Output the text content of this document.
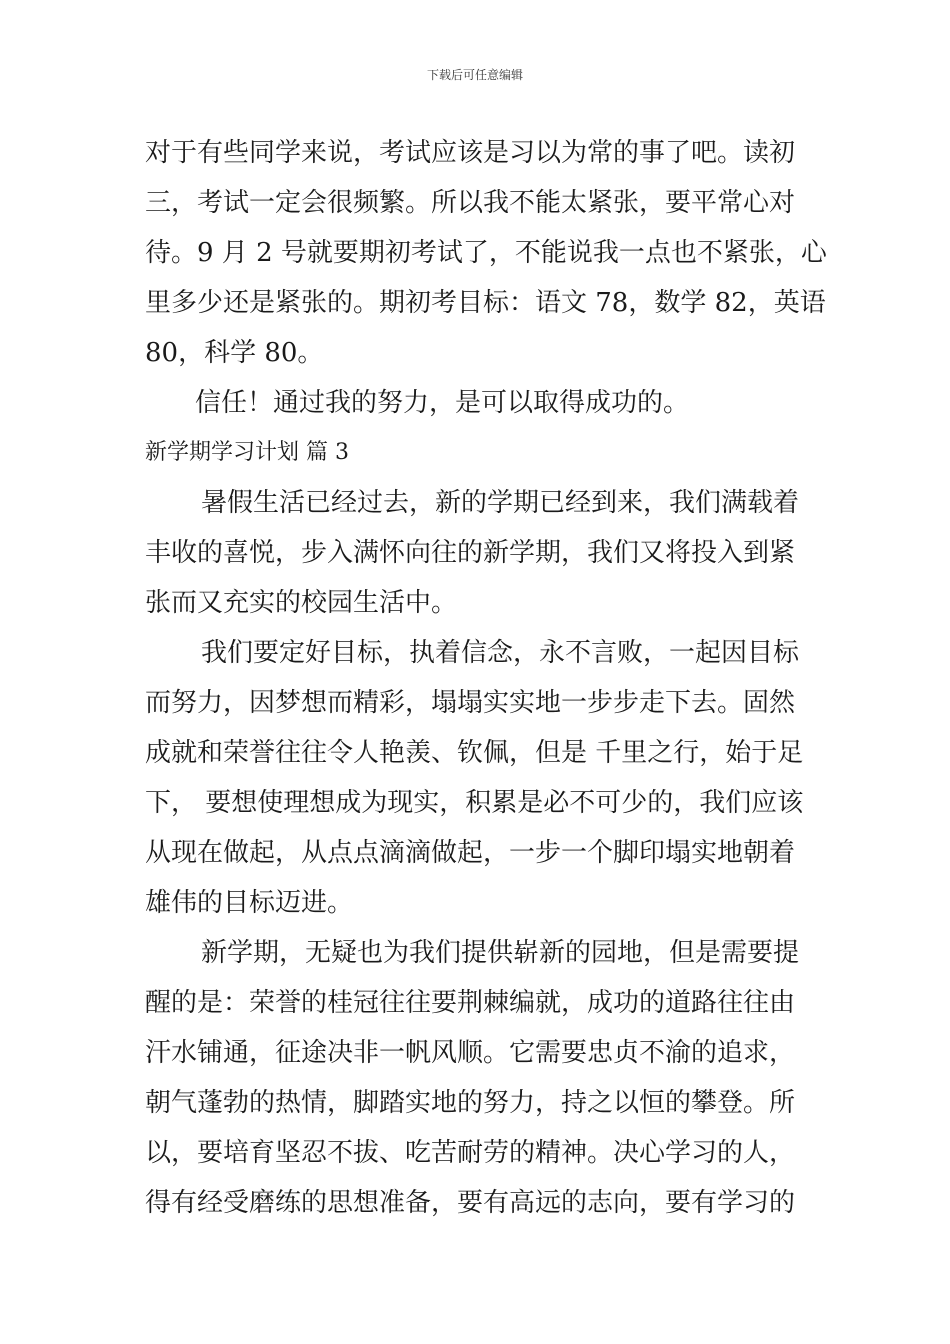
下载后可任意编辑
对于有些同学来说，考试应该是习以为常的事了吧。读初
三，考试一定会很频繁。所以我不能太紧张，要平常心对
待。9 月 2 号就要期初考试了，不能说我一点也不紧张，心
里多少还是紧张的。期初考目标：语文 78，数学 82，英语
80，科学 80。
信任！通过我的努力，是可以取得成功的。
新学期学习计划 篇 3
暑假生活已经过去，新的学期已经到来，我们满载着
丰收的喜悦，步入满怀向往的新学期，我们又将投入到紧
张而又充实的校园生活中。
我们要定好目标，执着信念，永不言败，一起因目标
而努力，因梦想而精彩，塌塌实实地一步步走下去。固然
成就和荣誉往往令人艳羡、钦佩，但是 千里之行，始于足
下， 要想使理想成为现实，积累是必不可少的，我们应该
从现在做起，从点点滴滴做起，一步一个脚印塌实地朝着
雄伟的目标迈进。
新学期，无疑也为我们提供崭新的园地，但是需要提
醒的是：荣誉的桂冠往往要荆棘编就，成功的道路往往由
汗水铺通，征途决非一帆风顺。它需要忠贞不渝的追求，
朝气蓬勃的热情，脚踏实地的努力，持之以恒的攀登。所
以，要培育坚忍不拔、吃苦耐劳的精神。决心学习的人，
得有经受磨练的思想准备，要有高远的志向，要有学习的
